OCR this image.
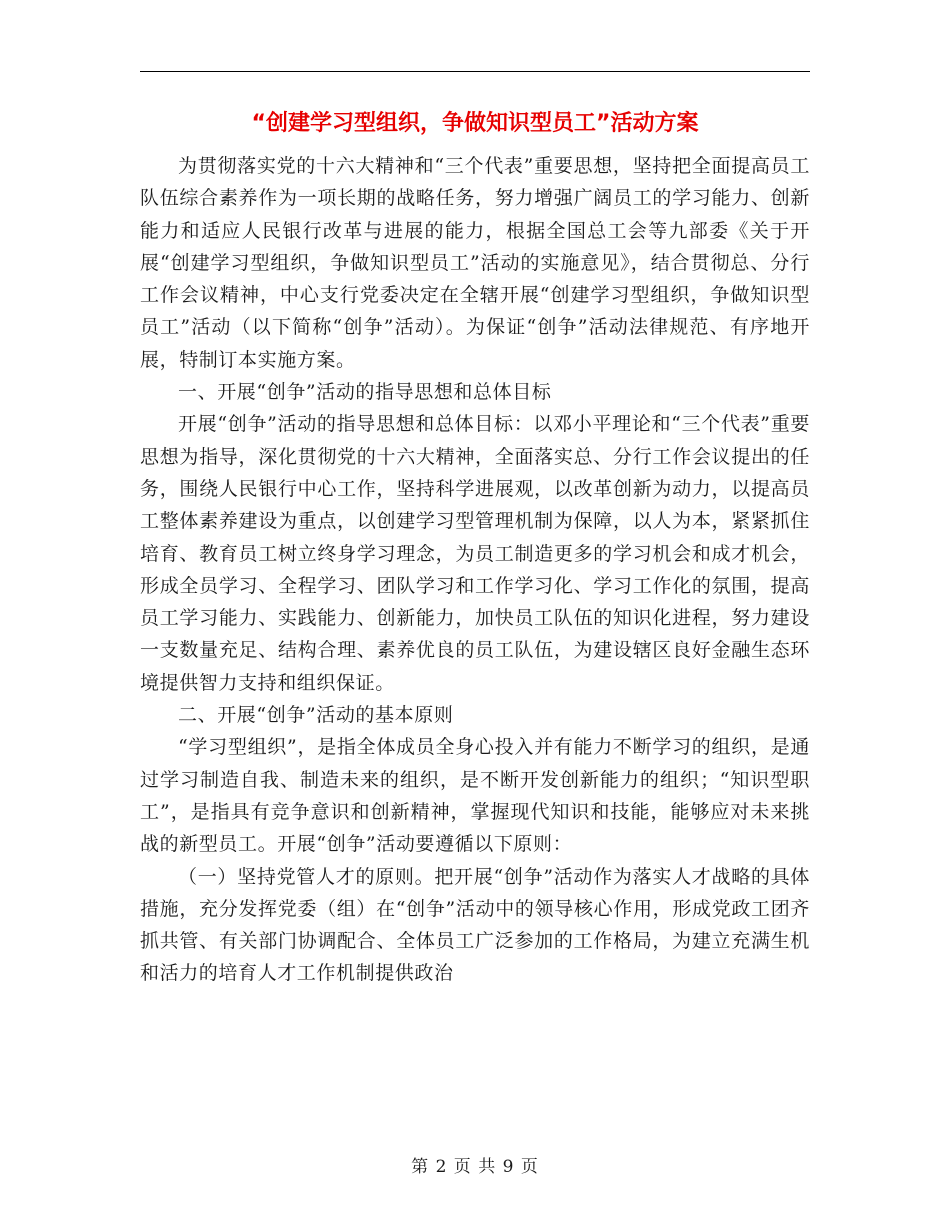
“创建学习型组织，争做知识型员工”活动方案

为贯彻落实党的十六大精神和“三个代表”重要思想，坚持把全面提高员工队伍综合素养作为一项长期的战略任务，努力增强广阔员工的学习能力、创新能力和适应人民银行改革与进展的能力，根据全国总工会等九部委《关于开展“创建学习型组织，争做知识型员工”活动的实施意见》，结合贯彻总、分行工作会议精神，中心支行党委决定在全辖开展“创建学习型组织，争做知识型员工”活动（以下简称“创争”活动）。为保证“创争”活动法律规范、有序地开展，特制订本实施方案。

一、开展“创争”活动的指导思想和总体目标

开展“创争”活动的指导思想和总体目标：以邓小平理论和“三个代表”重要思想为指导，深化贯彻党的十六大精神，全面落实总、分行工作会议提出的任务，围绕人民银行中心工作，坚持科学进展观，以改革创新为动力，以提高员工整体素养建设为重点，以创建学习型管理机制为保障，以人为本，紧紧抓住培育、教育员工树立终身学习理念，为员工制造更多的学习机会和成才机会，形成全员学习、全程学习、团队学习和工作学习化、学习工作化的氛围，提高员工学习能力、实践能力、创新能力，加快员工队伍的知识化进程，努力建设一支数量充足、结构合理、素养优良的员工队伍，为建设辖区良好金融生态环境提供智力支持和组织保证。

二、开展“创争”活动的基本原则

“学习型组织”，是指全体成员全身心投入并有能力不断学习的组织，是通过学习制造自我、制造未来的组织，是不断开发创新能力的组织；“知识型职工”，是指具有竞争意识和创新精神，掌握现代知识和技能，能够应对未来挑战的新型员工。开展“创争”活动要遵循以下原则：

（一）坚持党管人才的原则。把开展“创争”活动作为落实人才战略的具体措施，充分发挥党委（组）在“创争”活动中的领导核心作用，形成党政工团齐抓共管、有关部门协调配合、全体员工广泛参加的工作格局，为建立充满生机和活力的培育人才工作机制提供政治

第 2 页 共 9 页
